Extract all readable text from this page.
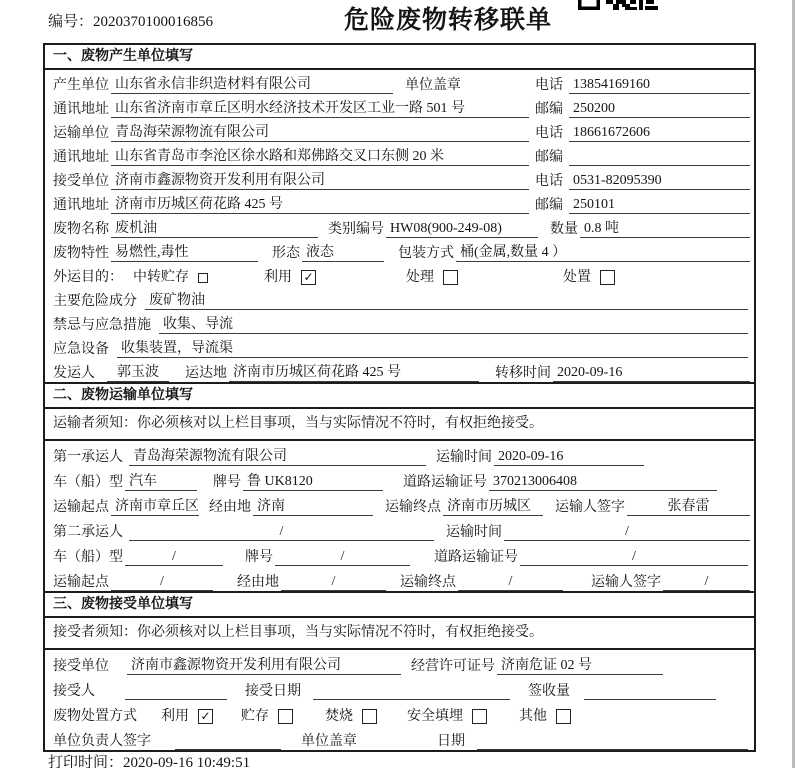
编号：2020370100016856	危险废物转移联单
一、废物产生单位填写
产生单位 山东省永信非织造材料有限公司	单位盖章	电话 13854169160
通讯地址 山东省济南市章丘区明水经济技术开发区工业一路 501 号	邮编 250200
运输单位 青岛海荣源物流有限公司	电话 18661672606
通讯地址 山东省青岛市李沧区徐水路和郑佛路交叉口东侧 20 米	邮编
接受单位 济南市鑫源物资开发利用有限公司	电话 0531-82095390
通讯地址 济南市历城区荷花路 425 号	邮编 250101
废物名称 废机油	类别编号 HW08(900-249-08)	数量 0.8 吨
废物特性 易燃性,毒性	形态 液态	包装方式 桶(金属,数量 4 ）
外运目的： 中转贮存	利用 ✓	处理	处置
主要危险成分 废矿物油
禁忌与应急措施 收集、导流
应急设备 收集装置，导流渠
发运人	郭玉波	运达地 济南市历城区荷花路 425 号	转移时间 2020-09-16
二、废物运输单位填写
运输者须知：你必须核对以上栏目事项，当与实际情况不符时，有权拒绝接受。
第一承运人 青岛海荣源物流有限公司	运输时间 2020-09-16
车（船）型 汽车	牌号 鲁 UK8120	道路运输证号 370213006408
运输起点 济南市章丘区 经由地 济南	运输终点 济南市历城区	运输人签字	张春雷
第二承运人	/	运输时间	/
车（船）型	/	牌号	/	道路运输证号	/
运输起点	/	经由地	/	运输终点	/	运输人签字	/
三、废物接受单位填写
接受者须知：你必须核对以上栏目事项，当与实际情况不符时，有权拒绝接受。
接受单位 济南市鑫源物资开发利用有限公司	经营许可证号 济南危证 02 号
接受人	接受日期	签收量
废物处置方式 利用 ✓ 贮存	焚烧	安全填埋	其他
单位负责人签字	单位盖章	日期
打印时间：2020-09-16 10:49:51
